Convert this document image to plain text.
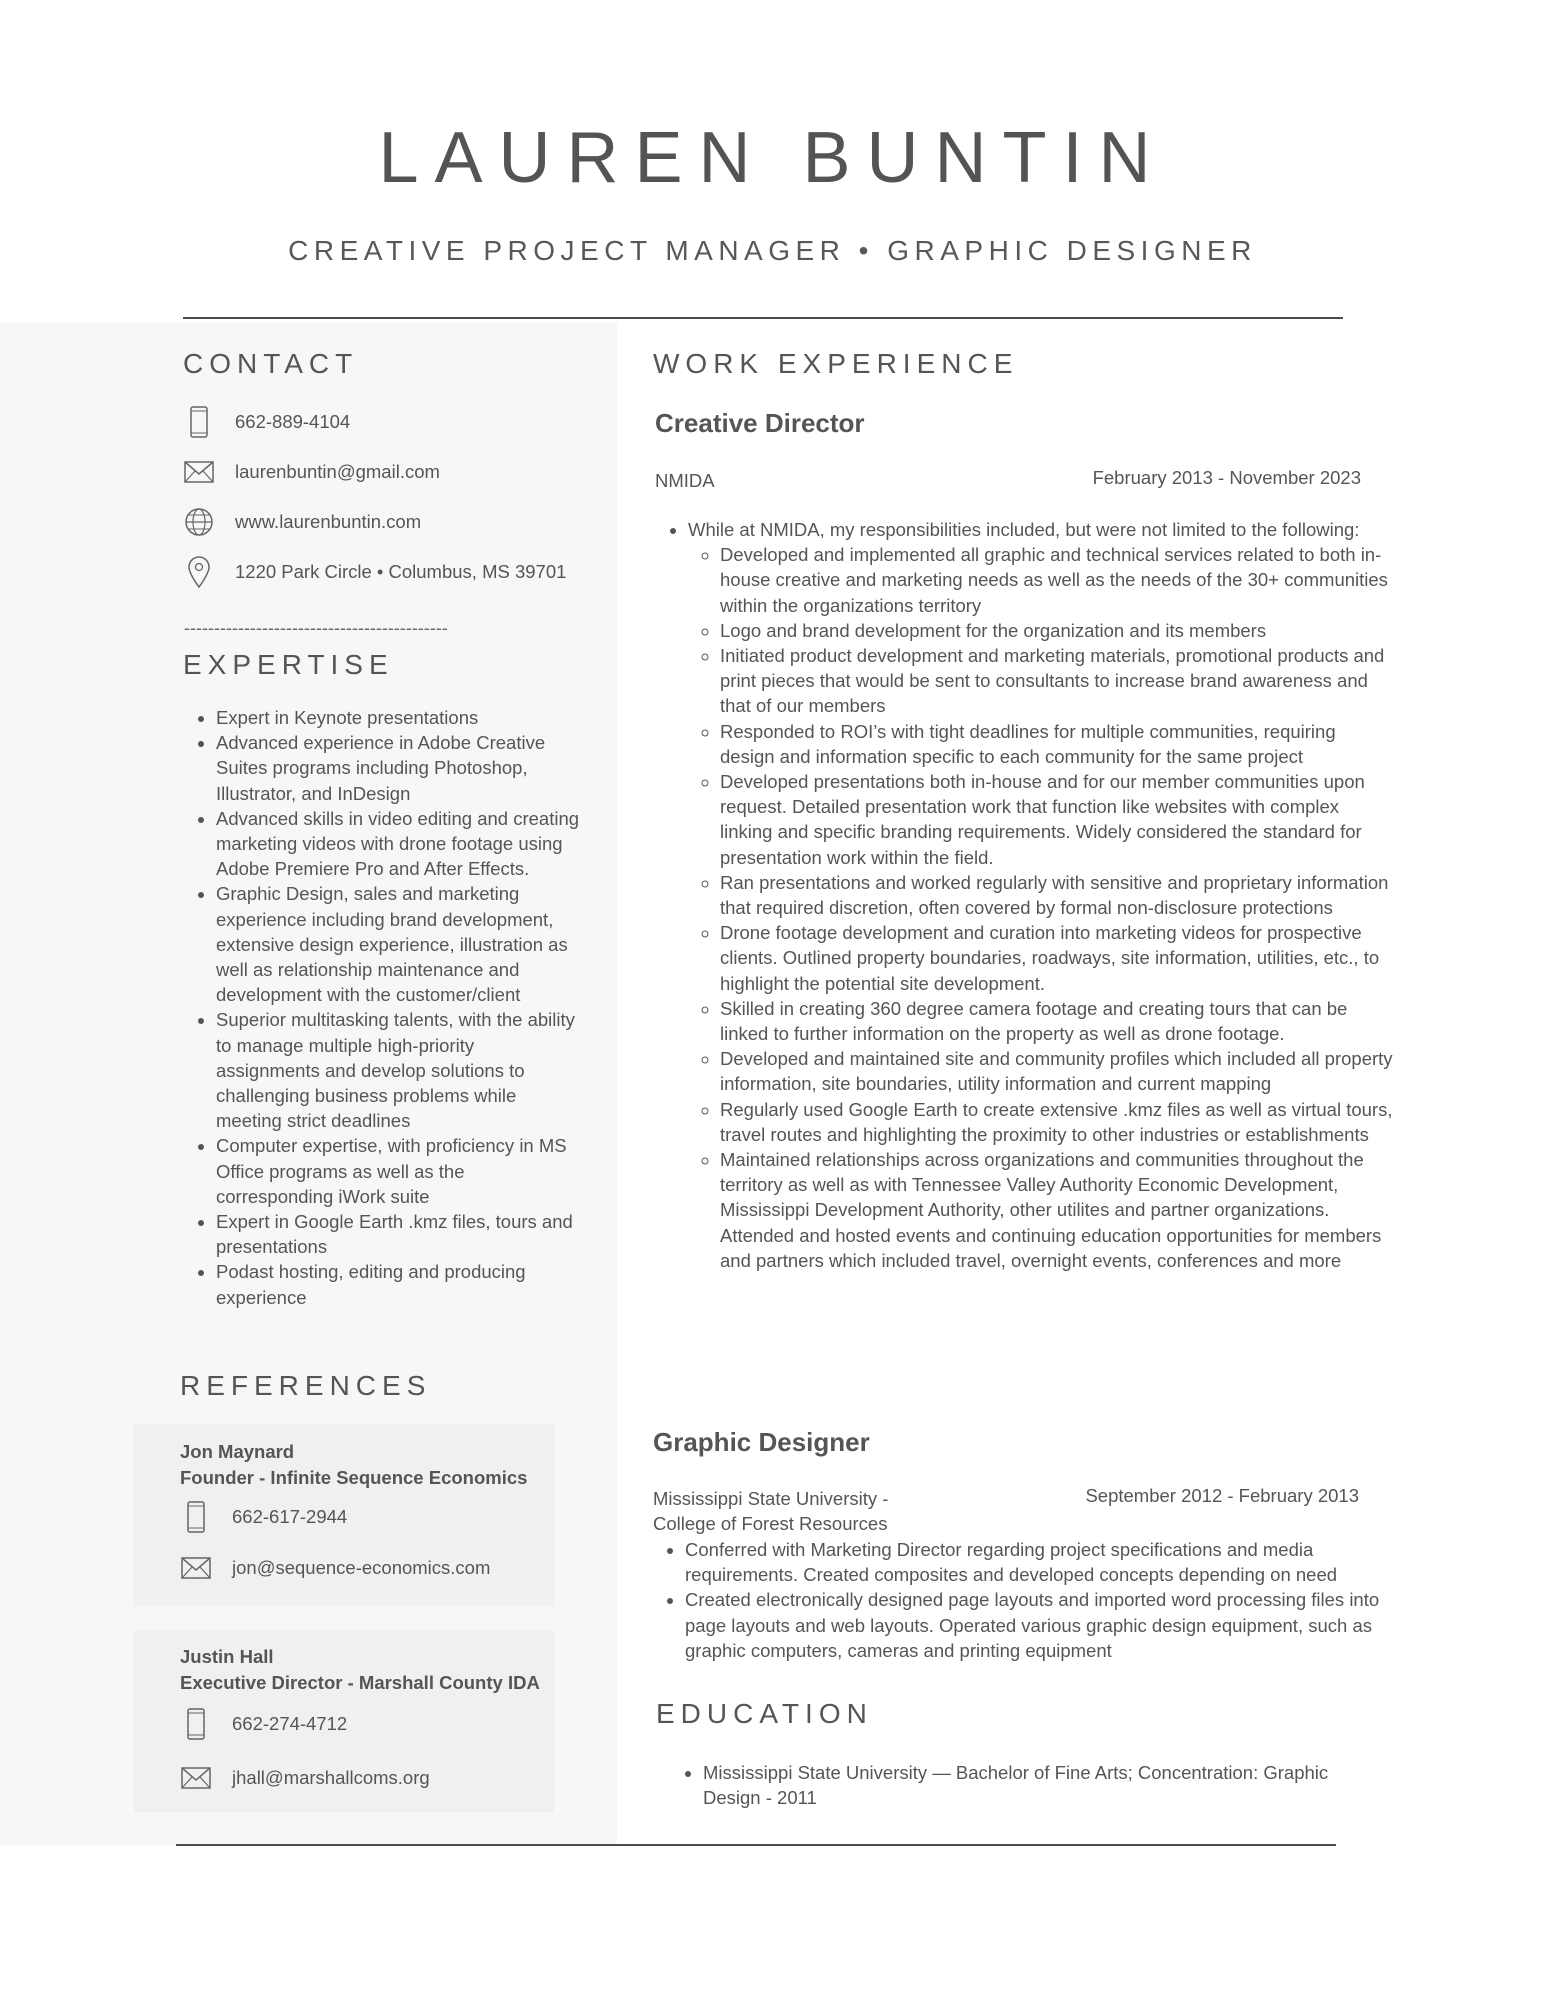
LAUREN BUNTIN
CREATIVE PROJECT MANAGER • GRAPHIC DESIGNER
CONTACT
662-889-4104
laurenbuntin@gmail.com
www.laurenbuntin.com
1220 Park Circle • Columbus, MS 39701
--------------------------------------------
EXPERTISE
• Expert in Keynote presentations
• Advanced experience in Adobe Creative Suites programs including Photoshop, Illustrator, and InDesign
• Advanced skills in video editing and creating marketing videos with drone footage using Adobe Premiere Pro and After Effects.
• Graphic Design, sales and marketing experience including brand development, extensive design experience, illustration as well as relationship maintenance and development with the customer/client
• Superior multitasking talents, with the ability to manage multiple high-priority assignments and develop solutions to challenging business problems while meeting strict deadlines
• Computer expertise, with proficiency in MS Office programs as well as the corresponding iWork suite
• Expert in Google Earth .kmz files, tours and presentations
• Podast hosting, editing and producing experience
REFERENCES
Jon Maynard
Founder - Infinite Sequence Economics
662-617-2944
jon@sequence-economics.com
Justin Hall
Executive Director - Marshall County IDA
662-274-4712
jhall@marshallcoms.org
WORK EXPERIENCE
Creative Director
NMIDA	February 2013 - November 2023
• While at NMIDA, my responsibilities included, but were not limited to the following:
◦ Developed and implemented all graphic and technical services related to both in-house creative and marketing needs as well as the needs of the 30+ communities within the organizations territory
◦ Logo and brand development for the organization and its members
◦ Initiated product development and marketing materials, promotional products and print pieces that would be sent to consultants to increase brand awareness and that of our members
◦ Responded to ROI’s with tight deadlines for multiple communities, requiring design and information specific to each community for the same project
◦ Developed presentations both in-house and for our member communities upon request. Detailed presentation work that function like websites with complex linking and specific branding requirements. Widely considered the standard for presentation work within the field.
◦ Ran presentations and worked regularly with sensitive and proprietary information that required discretion, often covered by formal non-disclosure protections
◦ Drone footage development and curation into marketing videos for prospective clients. Outlined property boundaries, roadways, site information, utilities, etc., to highlight the potential site development.
◦ Skilled in creating 360 degree camera footage and creating tours that can be linked to further information on the property as well as drone footage.
◦ Developed and maintained site and community profiles which included all property information, site boundaries, utility information and current mapping
◦ Regularly used Google Earth to create extensive .kmz files as well as virtual tours, travel routes and highlighting the proximity to other industries or establishments
◦ Maintained relationships across organizations and communities throughout the territory as well as with Tennessee Valley Authority Economic Development, Mississippi Development Authority, other utilites and partner organizations. Attended and hosted events and continuing education opportunities for members and partners which included travel, overnight events, conferences and more
Graphic Designer
Mississippi State University -
College of Forest Resources
September 2012 - February 2013
• Conferred with Marketing Director regarding project specifications and media requirements. Created composites and developed concepts depending on need
• Created electronically designed page layouts and imported word processing files into page layouts and web layouts. Operated various graphic design equipment, such as graphic computers, cameras and printing equipment
EDUCATION
• Mississippi State University — Bachelor of Fine Arts; Concentration: Graphic Design - 2011
